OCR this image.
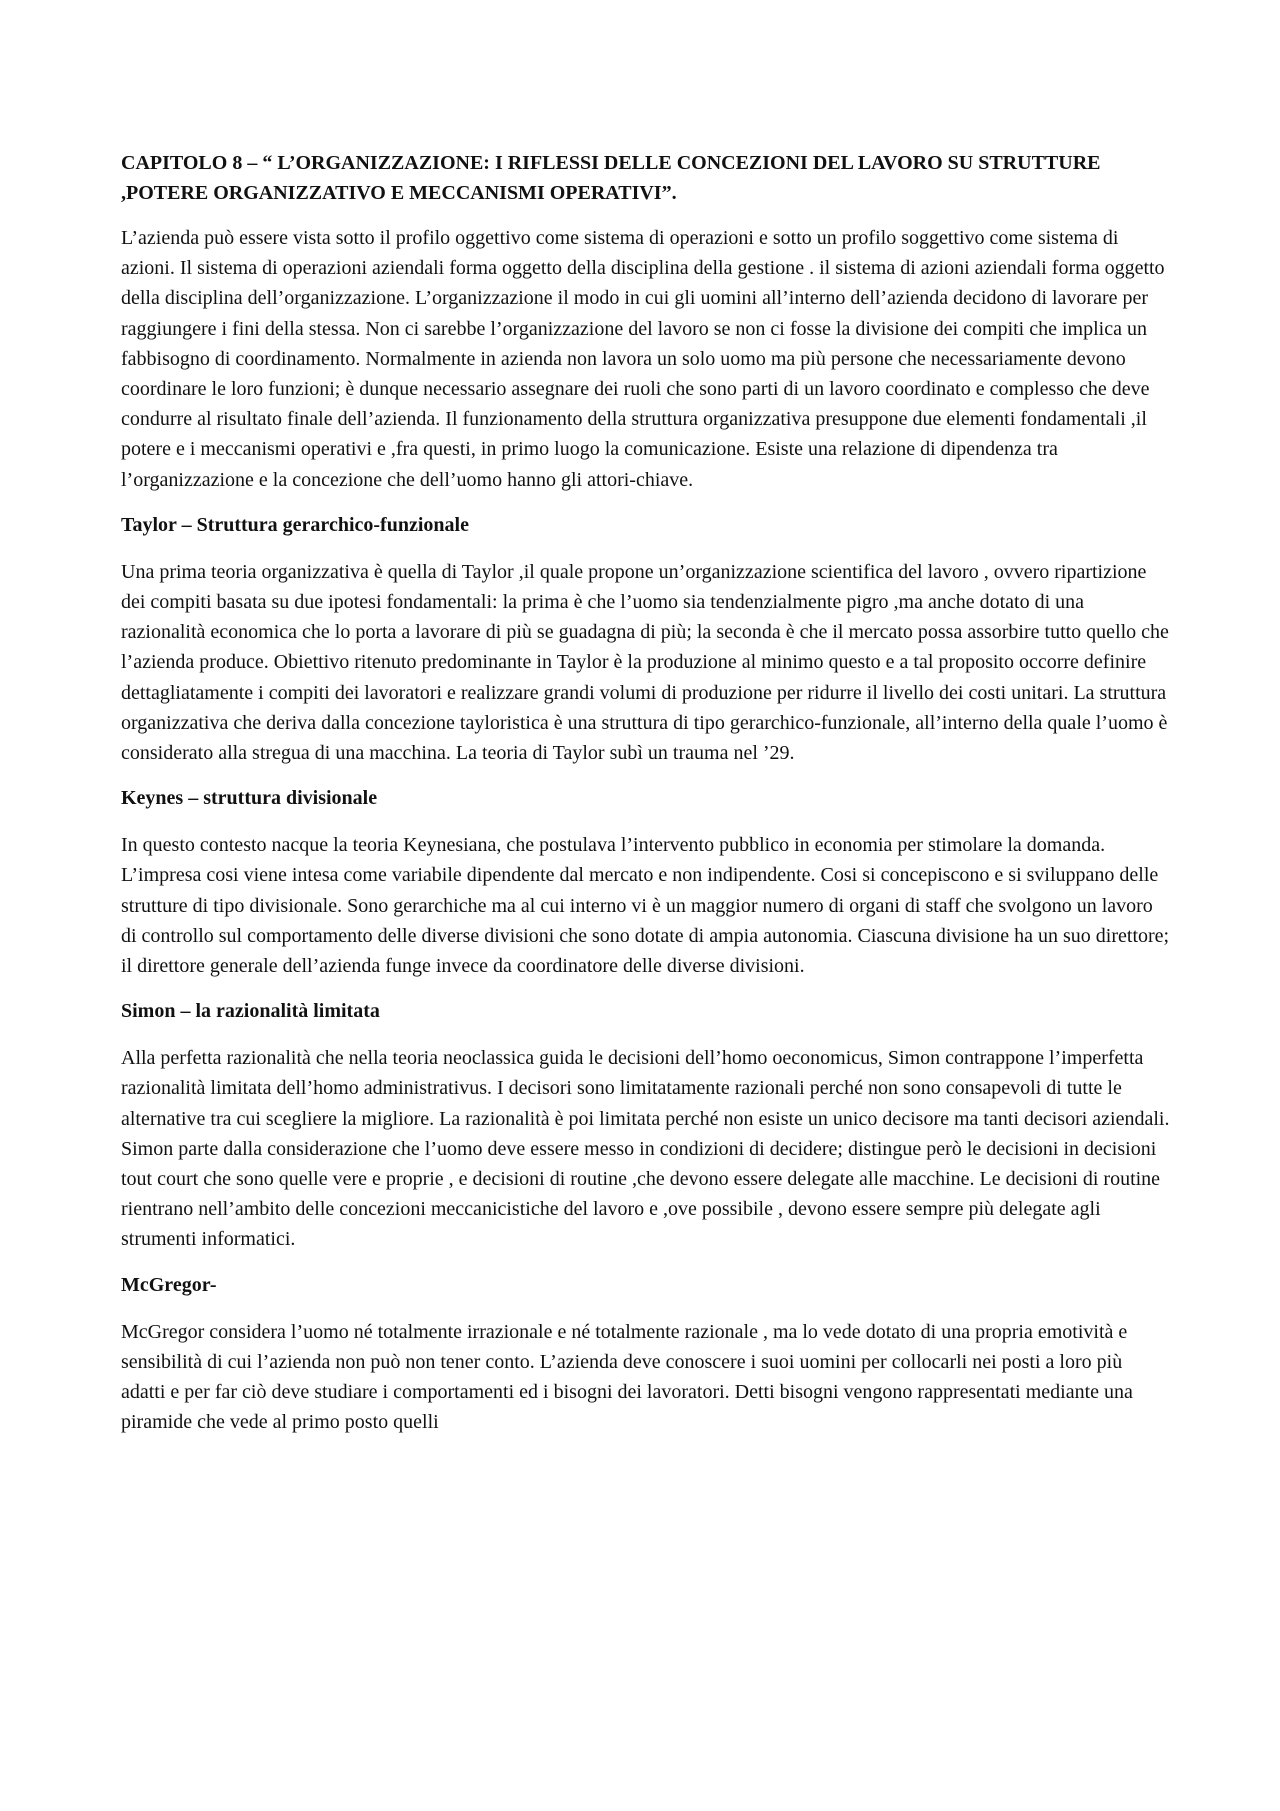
CAPITOLO 8 – “ L’ORGANIZZAZIONE: I RIFLESSI DELLE CONCEZIONI DEL LAVORO SU STRUTTURE ,POTERE ORGANIZZATIVO E MECCANISMI OPERATIVI”.

L’azienda può essere vista sotto il profilo oggettivo come sistema di operazioni e sotto un profilo soggettivo come sistema di azioni. Il sistema di operazioni aziendali forma oggetto della disciplina della gestione . il sistema di azioni aziendali forma oggetto della disciplina dell’organizzazione. L’organizzazione il modo in cui gli uomini all’interno dell’azienda decidono di lavorare per raggiungere i fini della stessa. Non ci sarebbe l’organizzazione del lavoro se non ci fosse la divisione dei compiti che implica un fabbisogno di coordinamento. Normalmente in azienda non lavora un solo uomo ma più persone che necessariamente devono coordinare le loro funzioni; è dunque necessario assegnare dei ruoli che sono parti di un lavoro coordinato e complesso che deve condurre al risultato finale dell’azienda. Il funzionamento della struttura organizzativa presuppone due elementi fondamentali ,il potere e i meccanismi operativi e ,fra questi, in primo luogo la comunicazione. Esiste una relazione di dipendenza tra l’organizzazione e la concezione che dell’uomo hanno gli attori-chiave.

Taylor – Struttura gerarchico-funzionale

Una prima teoria organizzativa è quella di Taylor ,il quale propone un’organizzazione scientifica del lavoro , ovvero ripartizione dei compiti basata su due ipotesi fondamentali: la prima è che l’uomo sia tendenzialmente pigro ,ma anche dotato di una razionalità economica che lo porta a lavorare di più se guadagna di più; la seconda è che il mercato possa assorbire tutto quello che l’azienda produce. Obiettivo ritenuto predominante in Taylor è la produzione al minimo questo e a tal proposito occorre definire dettagliatamente i compiti dei lavoratori e realizzare grandi volumi di produzione per ridurre il livello dei costi unitari. La struttura organizzativa che deriva dalla concezione tayloristica è una struttura di tipo gerarchico-funzionale, all’interno della quale l’uomo è considerato alla stregua di una macchina. La teoria di Taylor subì un trauma nel ’29.

Keynes – struttura divisionale

In questo contesto nacque la teoria Keynesiana, che postulava l’intervento pubblico in economia per stimolare la domanda. L’impresa cosi viene intesa come variabile dipendente dal mercato e non indipendente. Cosi si concepiscono e si sviluppano delle strutture di tipo divisionale. Sono gerarchiche ma al cui interno vi è un maggior numero di organi di staff che svolgono un lavoro di controllo sul comportamento delle diverse divisioni che sono dotate di ampia autonomia. Ciascuna divisione ha un suo direttore; il direttore generale dell’azienda funge invece da coordinatore delle diverse divisioni.

Simon – la razionalità limitata

Alla perfetta razionalità che nella teoria neoclassica guida le decisioni dell’homo oeconomicus, Simon contrappone l’imperfetta razionalità limitata dell’homo administrativus. I decisori sono limitatamente razionali perché non sono consapevoli di tutte le alternative tra cui scegliere la migliore. La razionalità è poi limitata perché non esiste un unico decisore ma tanti decisori aziendali. Simon parte dalla considerazione che l’uomo deve essere messo in condizioni di decidere; distingue però le decisioni in decisioni tout court che sono quelle vere e proprie , e decisioni di routine ,che devono essere delegate alle macchine. Le decisioni di routine rientrano nell’ambito delle concezioni meccanicistiche del lavoro e ,ove possibile , devono essere sempre più delegate agli strumenti informatici.

McGregor-

McGregor considera l’uomo né totalmente irrazionale e né totalmente razionale , ma lo vede dotato di una propria emotività e sensibilità di cui l’azienda non può non tener conto. L’azienda deve conoscere i suoi uomini per collocarli nei posti a loro più adatti e per far ciò deve studiare i comportamenti ed i bisogni dei lavoratori. Detti bisogni vengono rappresentati mediante una piramide che vede al primo posto quelli
